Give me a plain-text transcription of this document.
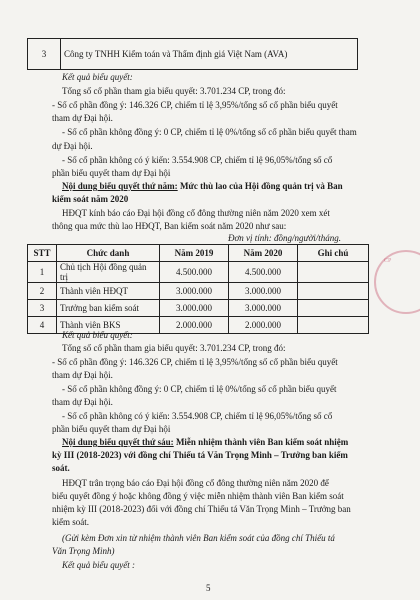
3	Công ty TNHH Kiểm toán và Thẩm định giá Việt Nam (AVA)
Kết quả biểu quyết:
Tổng số cổ phần tham gia biểu quyết: 3.701.234 CP, trong đó:
- Số cổ phần đồng ý: 146.326 CP, chiếm tỉ lệ 3,95%/tổng số cổ phần biểu quyết
tham dự Đại hội.
- Số cổ phần không đồng ý: 0 CP, chiếm tỉ lệ 0%/tổng số cổ phần biểu quyết tham
dự Đại hội.
- Số cổ phần không có ý kiến: 3.554.908 CP, chiếm tỉ lệ 96,05%/tổng số cổ
phần biểu quyết tham dự Đại hội
Nội dung biểu quyết thứ năm: Mức thù lao của Hội đồng quản trị và Ban
kiểm soát năm 2020
HĐQT kính báo cáo Đại hội đồng cổ đông thường niên năm 2020 xem xét
thông qua mức thù lao HĐQT, Ban kiểm soát năm 2020 như sau:
Đơn vị tính: đồng/người/tháng.
STT	Chức danh	Năm 2019	Năm 2020	Ghi chú
1	Chủ tịch Hội đồng quản trị	4.500.000	4.500.000	
2	Thành viên HĐQT	3.000.000	3.000.000	
3	Trưởng ban kiểm soát	3.000.000	3.000.000	
4	Thành viên BKS	2.000.000	2.000.000	
Kết quả biểu quyết:
Tổng số cổ phần tham gia biểu quyết: 3.701.234 CP, trong đó:
- Số cổ phần đồng ý: 146.326 CP, chiếm tỉ lệ 3,95%/tổng số cổ phần biểu quyết
tham dự Đại hội.
- Số cổ phần không đồng ý: 0 CP, chiếm tỉ lệ 0%/tổng số cổ phần biểu quyết
tham dự Đại hội.
- Số cổ phần không có ý kiến: 3.554.908 CP, chiếm tỉ lệ 96,05%/tổng số cổ
phần biểu quyết tham dự Đại hội
Nội dung biểu quyết thứ sáu: Miễn nhiệm thành viên Ban kiểm soát nhiệm
kỳ III (2018-2023) với đồng chí Thiếu tá Văn Trọng Minh – Trưởng ban kiểm
soát.
HĐQT trân trọng báo cáo Đại hội đồng cổ đông thường niên năm 2020 để
biểu quyết đồng ý hoặc không đồng ý việc miễn nhiệm thành viên Ban kiểm soát
nhiệm kỳ III (2018-2023) đối với đồng chí Thiếu tá Văn Trọng Minh – Trưởng ban
kiểm soát.
(Gửi kèm Đơn xin từ nhiệm thành viên Ban kiểm soát của đồng chí Thiếu tá
Văn Trọng Minh)
Kết quả biểu quyết :
5
CP
